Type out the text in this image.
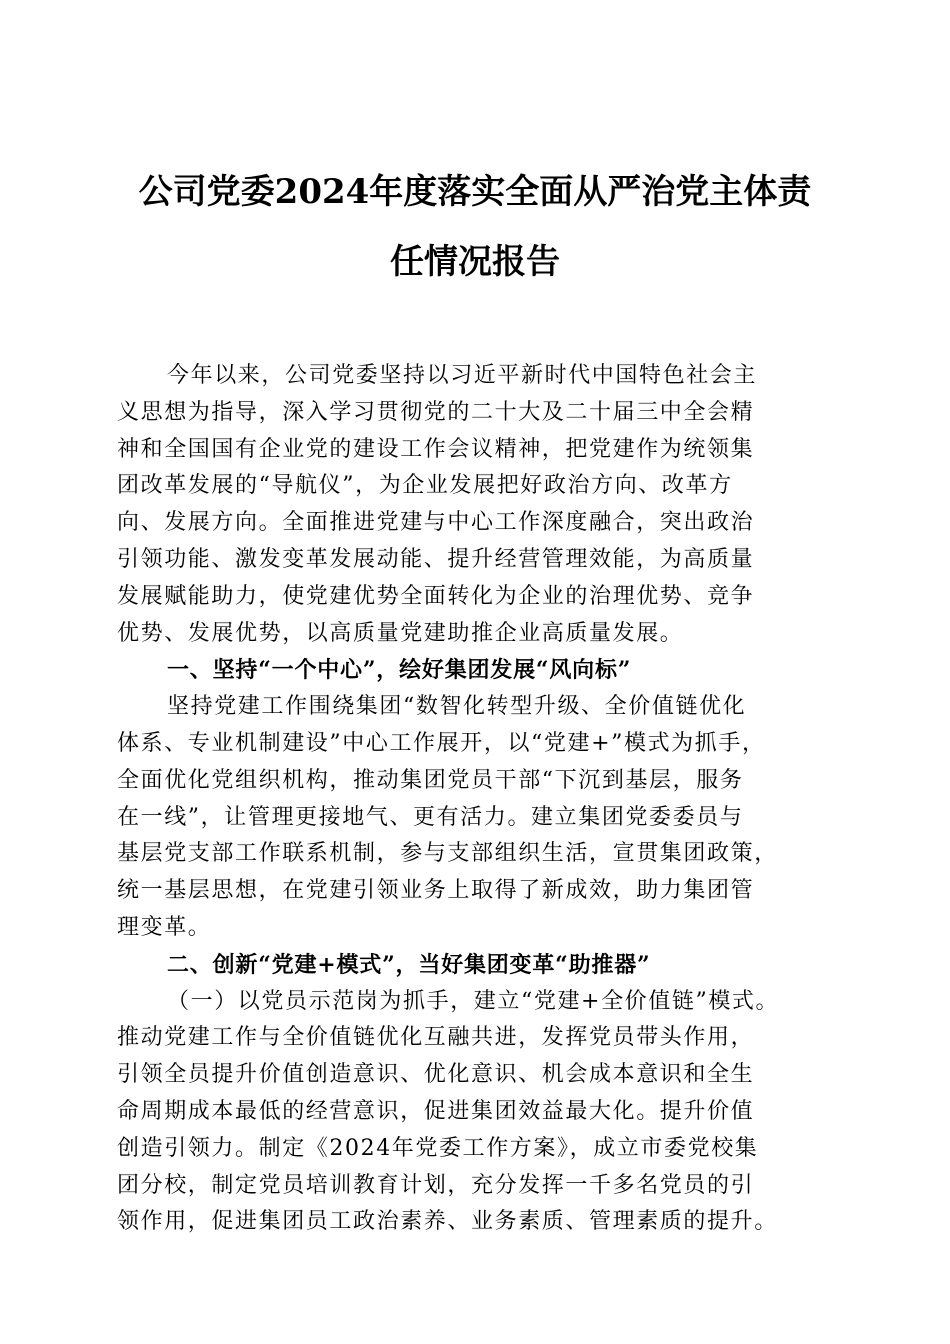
公司党委2024年度落实全面从严治党主体责
任情况报告
今年以来，公司党委坚持以习近平新时代中国特色社会主
义思想为指导，深入学习贯彻党的二十大及二十届三中全会精
神和全国国有企业党的建设工作会议精神，把党建作为统领集
团改革发展的“导航仪”，为企业发展把好政治方向、改革方
向、发展方向。全面推进党建与中心工作深度融合，突出政治
引领功能、激发变革发展动能、提升经营管理效能，为高质量
发展赋能助力，使党建优势全面转化为企业的治理优势、竞争
优势、发展优势，以高质量党建助推企业高质量发展。
一、坚持“一个中心”，绘好集团发展“风向标”
坚持党建工作围绕集团“数智化转型升级、全价值链优化
体系、专业机制建设”中心工作展开，以“党建+”模式为抓手，
全面优化党组织机构，推动集团党员干部“下沉到基层，服务
在一线”，让管理更接地气、更有活力。建立集团党委委员与
基层党支部工作联系机制，参与支部组织生活，宣贯集团政策，
统一基层思想，在党建引领业务上取得了新成效，助力集团管
理变革。
二、创新“党建+模式”，当好集团变革“助推器”
（一）以党员示范岗为抓手，建立“党建+全价值链”模式。
推动党建工作与全价值链优化互融共进，发挥党员带头作用，
引领全员提升价值创造意识、优化意识、机会成本意识和全生
命周期成本最低的经营意识，促进集团效益最大化。提升价值
创造引领力。制定《2024年党委工作方案》，成立市委党校集
团分校，制定党员培训教育计划，充分发挥一千多名党员的引
领作用，促进集团员工政治素养、业务素质、管理素质的提升。
